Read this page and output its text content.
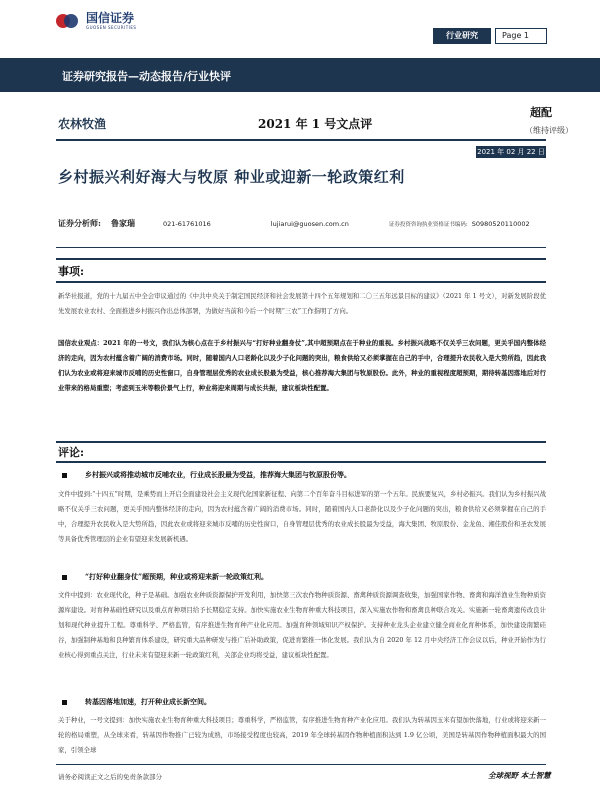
国信证券
GUOSEN SECURITIES
行业研究	Page 1
证券研究报告—动态报告/行业快评
农林牧渔	2021 年 1 号文点评
超配
（维持评级）
2021 年 02 月 22 日
乡村振兴利好海大与牧原 种业或迎新一轮政策红利
证券分析师: 鲁家瑞	021-61761016	lujiarui@guosen.com.cn	证券投资咨询执业资格证书编码: S0980520110002
事项:
新华社报道，党的十九届五中全会审议通过的《中共中央关于制定国民经济和社会发展第十四个五年规划和二〇三五年远景目标的建议》（2021 年 1 号文），对新发展阶段优先发展农业农村、全面推进乡村振兴作出总体部署，为做好当前和今后一个时期“三农”工作指明了方向。
国信农业观点：2021 年的一号文，我们认为核心点在于乡村振兴与“打好种业翻身仗”,其中超预期点在于种业的重视。乡村振兴战略不仅关乎三农问题，更关乎国内整体经济的走向，因为农村蕴含着广阔的消费市场。同时，随着国内人口老龄化以及少子化问题的突出，粮食供给又必须掌握在自己的手中，合理提升农民收入是大势所趋，因此我们认为农业或将迎来城市反哺的历史性窗口，自身管理层优秀的农业成长股最为受益，核心推荐海大集团与牧原股份。此外，种业的重视程度超预期，期待转基因落地后对行业带来的格局重塑；考虑到玉米等粮价景气上行，种业将迎来周期与成长共振，建议板块性配置。
评论:
乡村振兴或将推动城市反哺农业，行业成长股最为受益，推荐海大集团与牧原股份等。
文件中提到:“十四五”时期，是乘势而上开启全面建设社会主义现代化国家新征程、向第二个百年奋斗目标进军的第一个五年。民族要复兴，乡村必振兴。我们认为乡村振兴战略不仅关乎三农问题，更关乎国内整体经济的走向，因为农村蕴含着广阔的消费市场。同时，随着国内人口老龄化以及少子化问题的突出，粮食供给又必须掌握在自己的手中，合理提升农民收入是大势所趋，因此农业或将迎来城市反哺的历史性窗口，自身管理层优秀的农业成长股最为受益，海大集团、牧原股份、金龙鱼、湘佳股份和圣农发展等具备优秀管理层的企业有望迎来发展新机遇。
“打好种业翻身仗”超预期，种业或将迎来新一轮政策红利。
文件中提到：农业现代化，种子是基础。加强农业种质资源保护开发利用，加快第三次农作物种质资源、畜禽种质资源调查收集，加强国家作物、畜禽和海洋渔业生物种质资源库建设。对育种基础性研究以及重点育种项目给予长期稳定支持。加快实施农业生物育种重大科技项目，深入实施农作物和畜禽良种联合攻关。实施新一轮畜禽遗传改良计划和现代种业提升工程。尊重科学、严格监管，有序推进生物育种产业化应用。加强育种领域知识产权保护。支持种业龙头企业建立健全商业化育种体系，加快建设南繁硅谷，加强制种基地和良种繁育体系建设，研究重大品种研发与推广后补助政策，促进育繁推一体化发展。我们认为自 2020 年 12 月中央经济工作会议以后，种业开始作为行业核心得到重点关注，行业未来有望迎来新一轮政策红利，关部企业均将受益，建议板块性配置。
转基因落地加速，打开种业成长新空间。
关于种业，一号文提到：加快实施农业生物育种重大科技项目；尊重科学，严格监管，有序推进生物育种产业化应用。我们认为转基因玉米有望加快落地，行业或将迎来新一轮的格局重塑，从全球来看，转基因作物推广已较为成熟，市场接受程度也较高，2019 年全球转基因作物种植面积达到 1.9 亿公顷，美国是转基因作物种植面积最大的国家，引领全球
请务必阅读正文之后的免责条款部分	全球视野 本土智慧
